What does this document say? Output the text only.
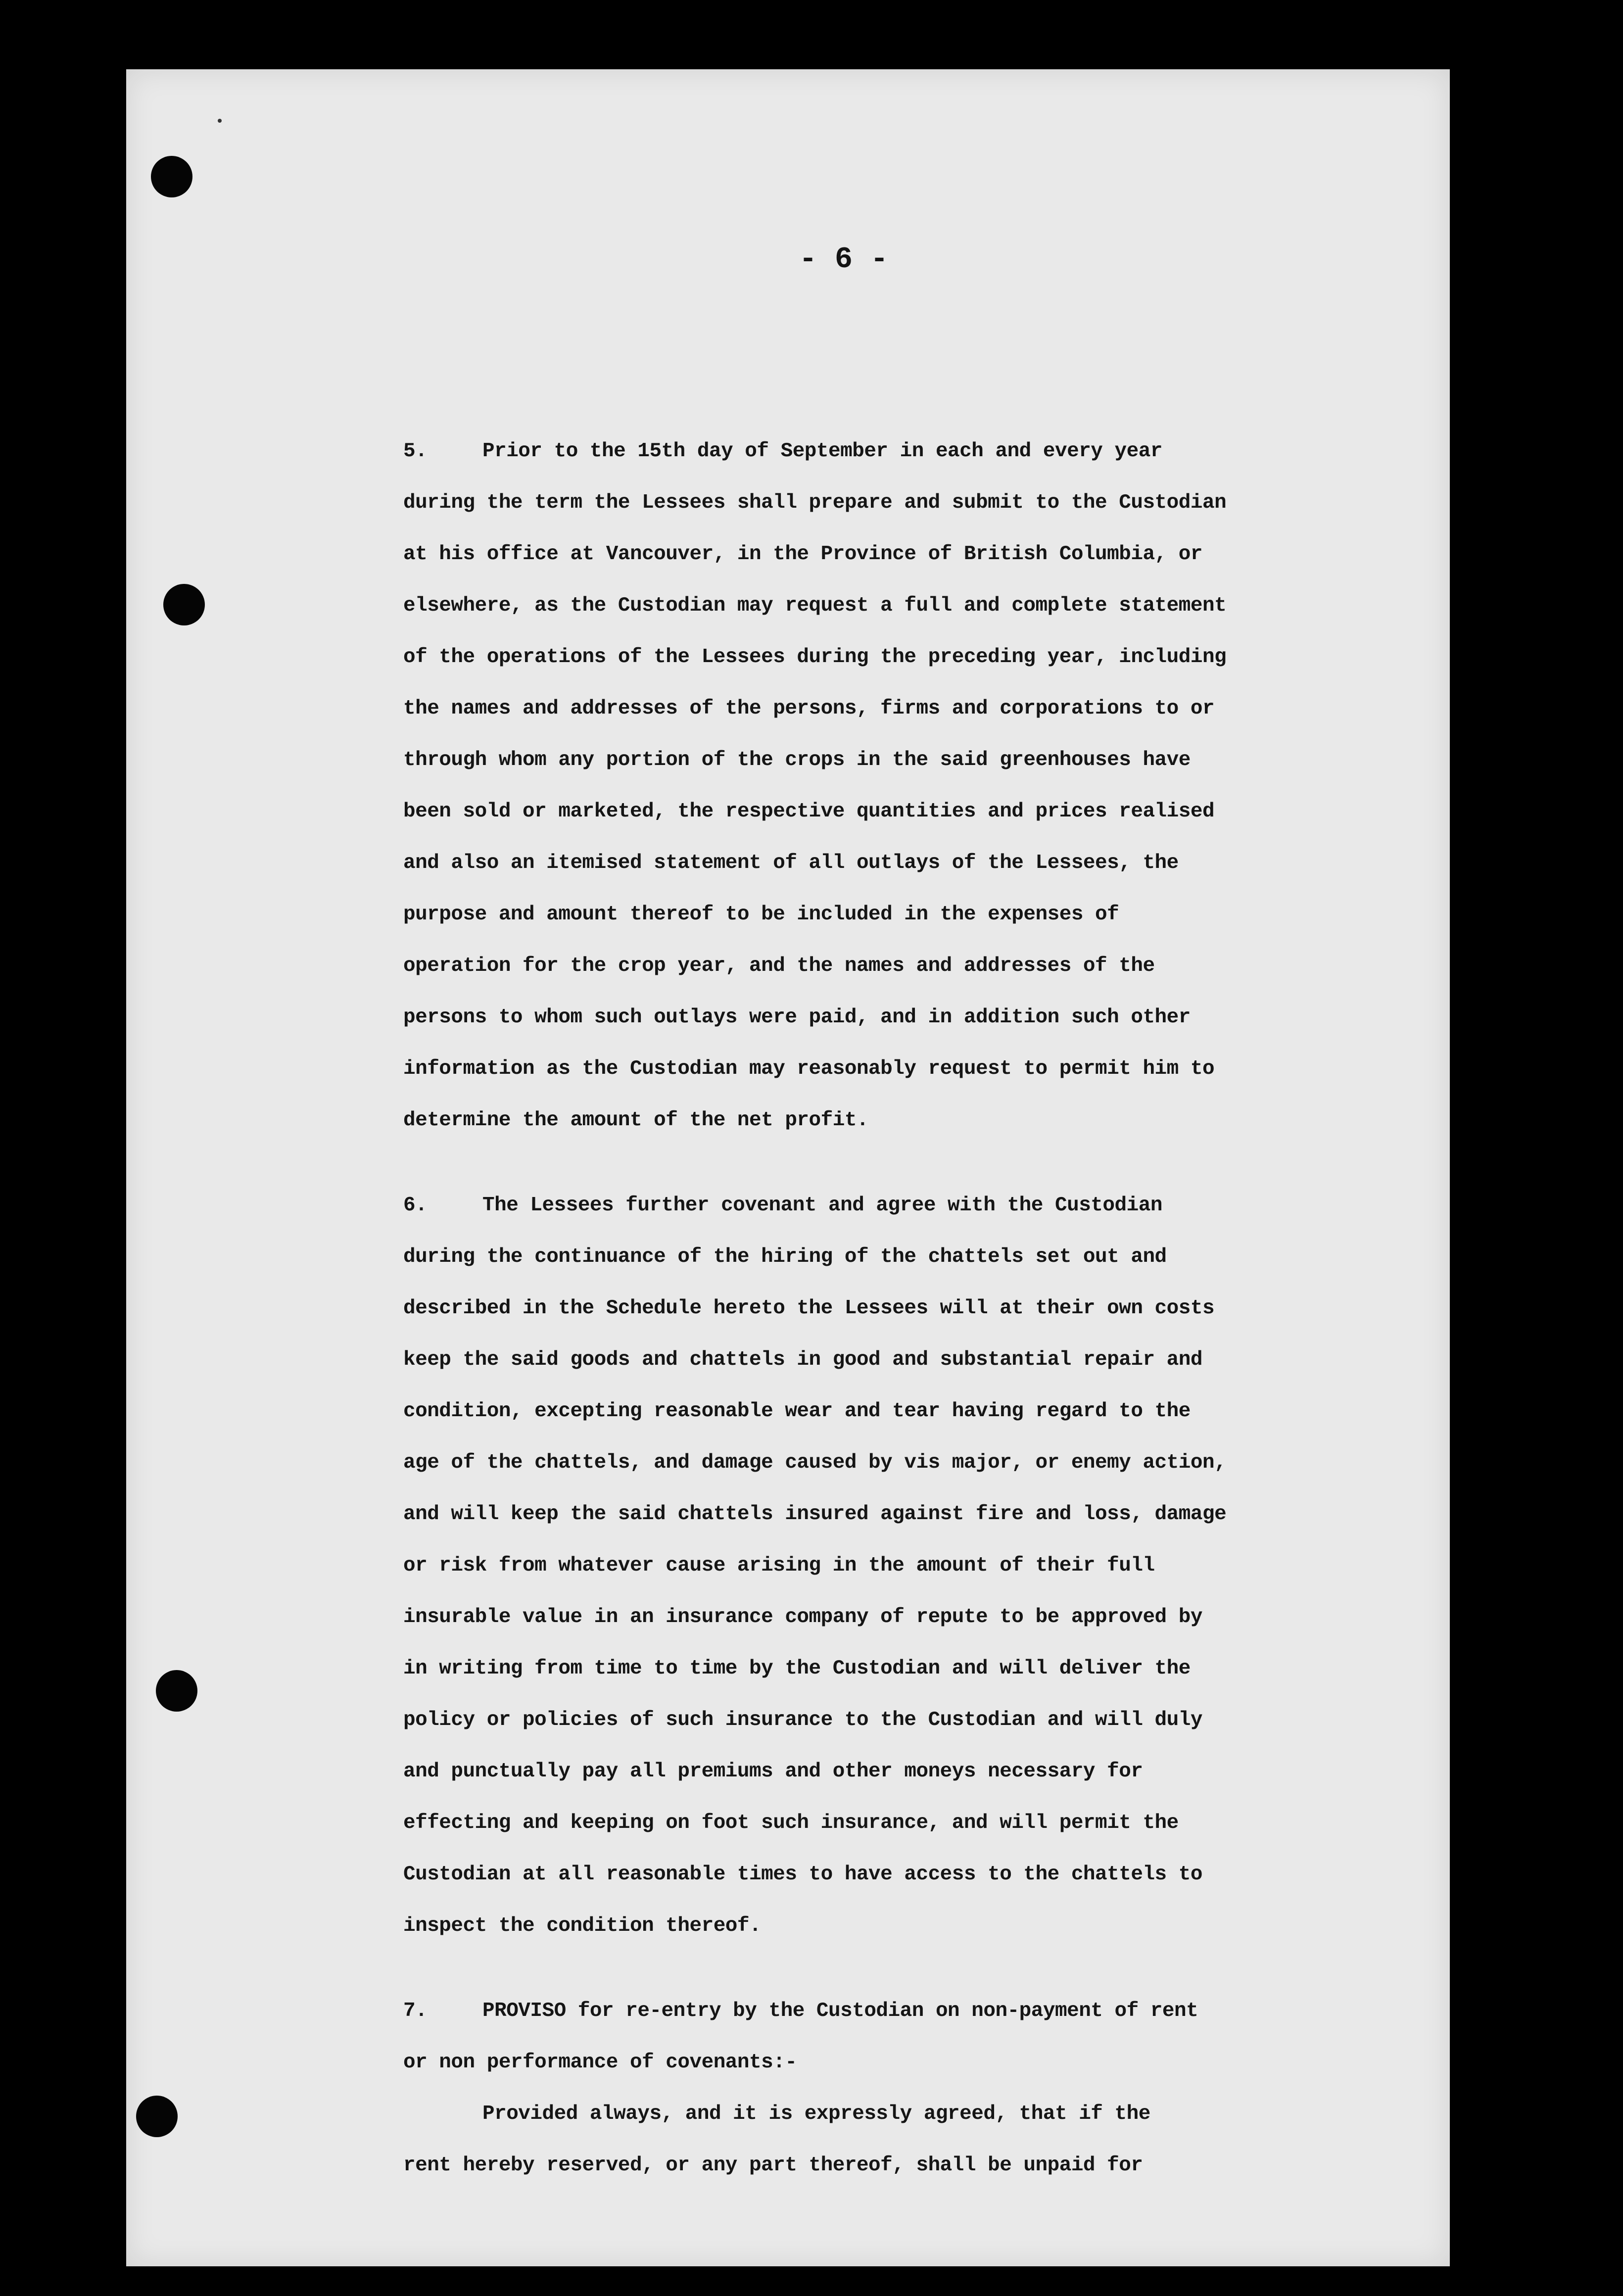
- 6 -
5.	Prior to the 15th day of September in each and every year
during the term the Lessees shall prepare and submit to the Custodian
at his office at Vancouver, in the Province of British Columbia, or
elsewhere, as the Custodian may request a full and complete statement
of the operations of the Lessees during the preceding year, including
the names and addresses of the persons, firms and corporations to or
through whom any portion of the crops in the said greenhouses have
been sold or marketed, the respective quantities and prices realised
and also an itemised statement of all outlays of the Lessees, the
purpose and amount thereof to be included in the expenses of
operation for the crop year, and the names and addresses of the
persons to whom such outlays were paid, and in addition such other
information as the Custodian may reasonably request to permit him to
determine the amount of the net profit.
6.	The Lessees further covenant and agree with the Custodian
during the continuance of the hiring of the chattels set out and
described in the Schedule hereto the Lessees will at their own costs
keep the said goods and chattels in good and substantial repair and
condition, excepting reasonable wear and tear having regard to the
age of the chattels, and damage caused by vis major, or enemy action,
and will keep the said chattels insured against fire and loss, damage
or risk from whatever cause arising in the amount of their full
insurable value in an insurance company of repute to be approved by
in writing from time to time by the Custodian and will deliver the
policy or policies of such insurance to the Custodian and will duly
and punctually pay all premiums and other moneys necessary for
effecting and keeping on foot such insurance, and will permit the
Custodian at all reasonable times to have access to the chattels to
inspect the condition thereof.
7.	PROVISO for re-entry by the Custodian on non-payment of rent
or non performance of covenants:-
Provided always, and it is expressly agreed, that if the
rent hereby reserved, or any part thereof, shall be unpaid for
